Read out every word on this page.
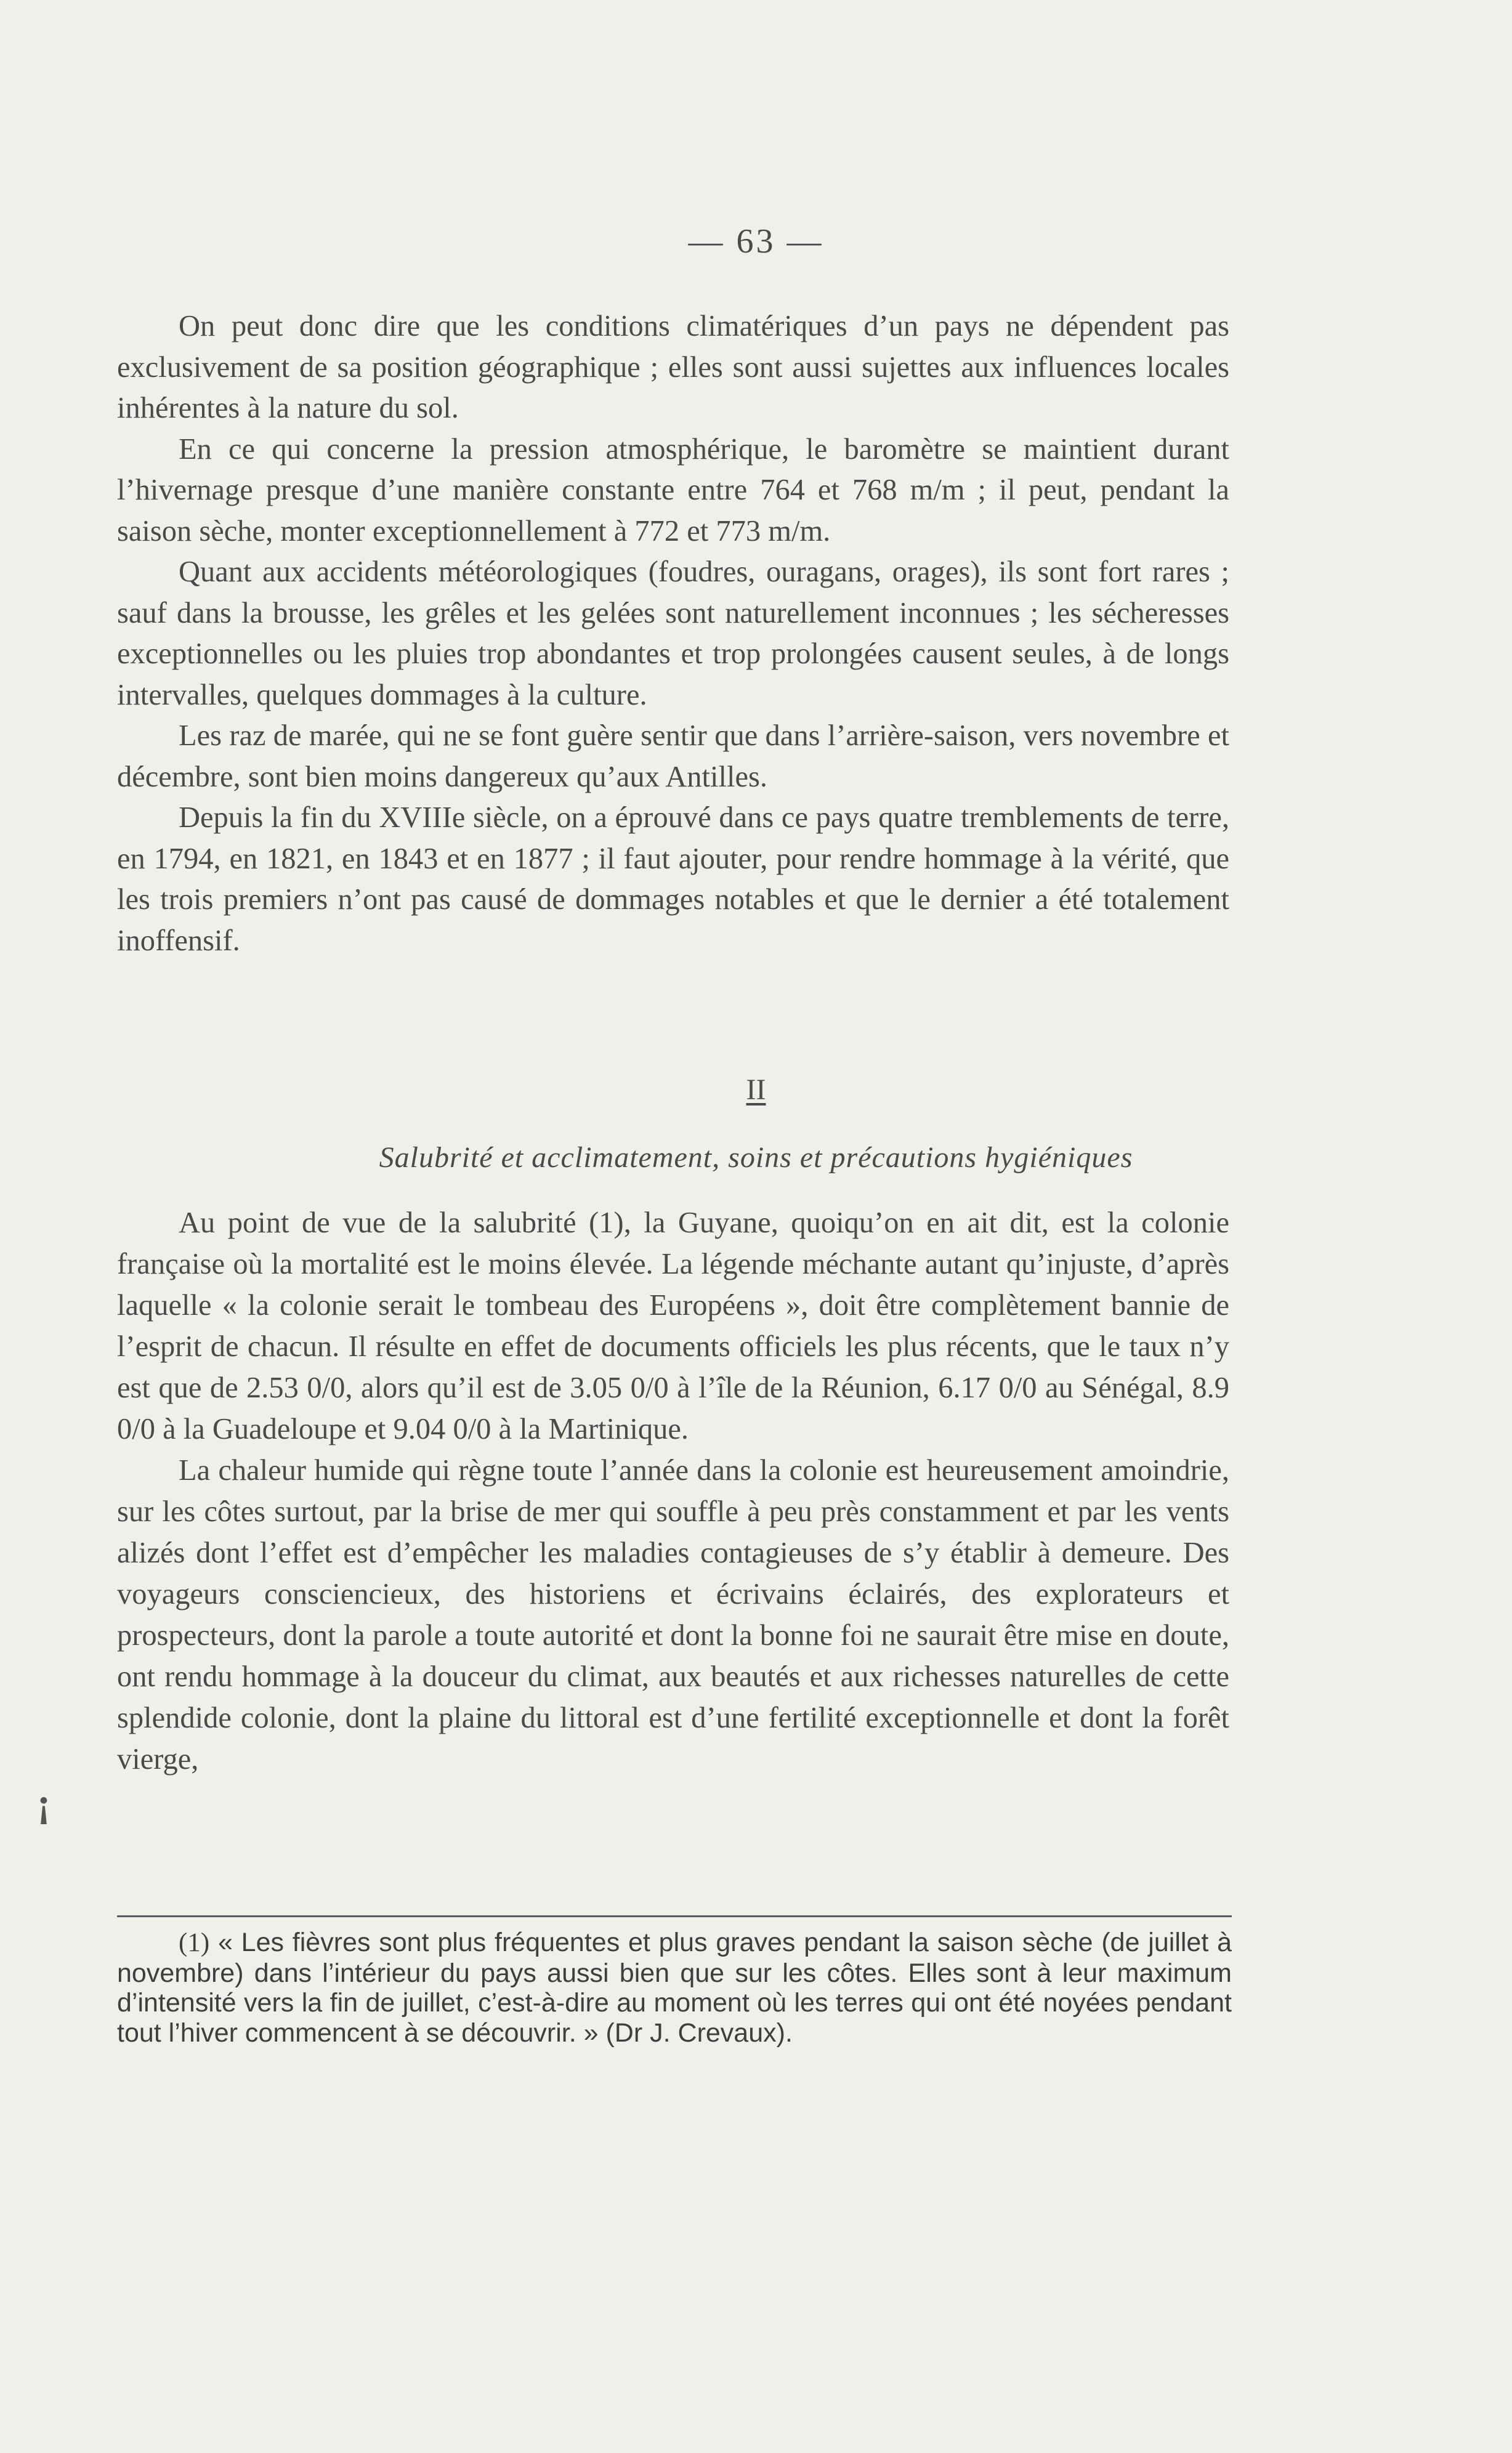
— 63 —

On peut donc dire que les conditions climatériques d’un pays ne dépendent pas exclusivement de sa position géographique ; elles sont aussi sujettes aux influences locales inhérentes à la nature du sol.

En ce qui concerne la pression atmosphérique, le baromètre se maintient durant l’hivernage presque d’une manière constante entre 764 et 768 m/m ; il peut, pendant la saison sèche, monter exceptionnellement à 772 et 773 m/m.

Quant aux accidents météorologiques (foudres, ouragans, orages), ils sont fort rares ; sauf dans la brousse, les grêles et les gelées sont naturellement inconnues ; les sécheresses exceptionnelles ou les pluies trop abondantes et trop prolongées causent seules, à de longs intervalles, quelques dommages à la culture.

Les raz de marée, qui ne se font guère sentir que dans l’arrière-saison, vers novembre et décembre, sont bien moins dangereux qu’aux Antilles.

Depuis la fin du XVIIIe siècle, on a éprouvé dans ce pays quatre tremblements de terre, en 1794, en 1821, en 1843 et en 1877 ; il faut ajouter, pour rendre hommage à la vérité, que les trois premiers n’ont pas causé de dommages notables et que le dernier a été totalement inoffensif.

II
Salubrité et acclimatement, soins et précautions hygiéniques

Au point de vue de la salubrité (1), la Guyane, quoiqu’on en ait dit, est la colonie française où la mortalité est le moins élevée. La légende méchante autant qu’injuste, d’après laquelle « la colonie serait le tombeau des Européens », doit être complètement bannie de l’esprit de chacun. Il résulte en effet de documents officiels les plus récents, que le taux n’y est que de 2.53 0/0, alors qu’il est de 3.05 0/0 à l’île de la Réunion, 6.17 0/0 au Sénégal, 8.9 0/0 à la Guadeloupe et 9.04 0/0 à la Martinique.

La chaleur humide qui règne toute l’année dans la colonie est heureusement amoindrie, sur les côtes surtout, par la brise de mer qui souffle à peu près constamment et par les vents alizés dont l’effet est d’empêcher les maladies contagieuses de s’y établir à demeure. Des voyageurs consciencieux, des historiens et écrivains éclairés, des explorateurs et prospecteurs, dont la parole a toute autorité et dont la bonne foi ne saurait être mise en doute, ont rendu hommage à la douceur du climat, aux beautés et aux richesses naturelles de cette splendide colonie, dont la plaine du littoral est d’une fertilité exceptionnelle et dont la forêt vierge,

¡
(1) « Les fièvres sont plus fréquentes et plus graves pendant la saison sèche (de juillet à novembre) dans l’intérieur du pays aussi bien que sur les côtes. Elles sont à leur maximum d’intensité vers la fin de juillet, c’est-à-dire au moment où les terres qui ont été noyées pendant tout l’hiver commencent à se découvrir. » (Dr J. Crevaux).
